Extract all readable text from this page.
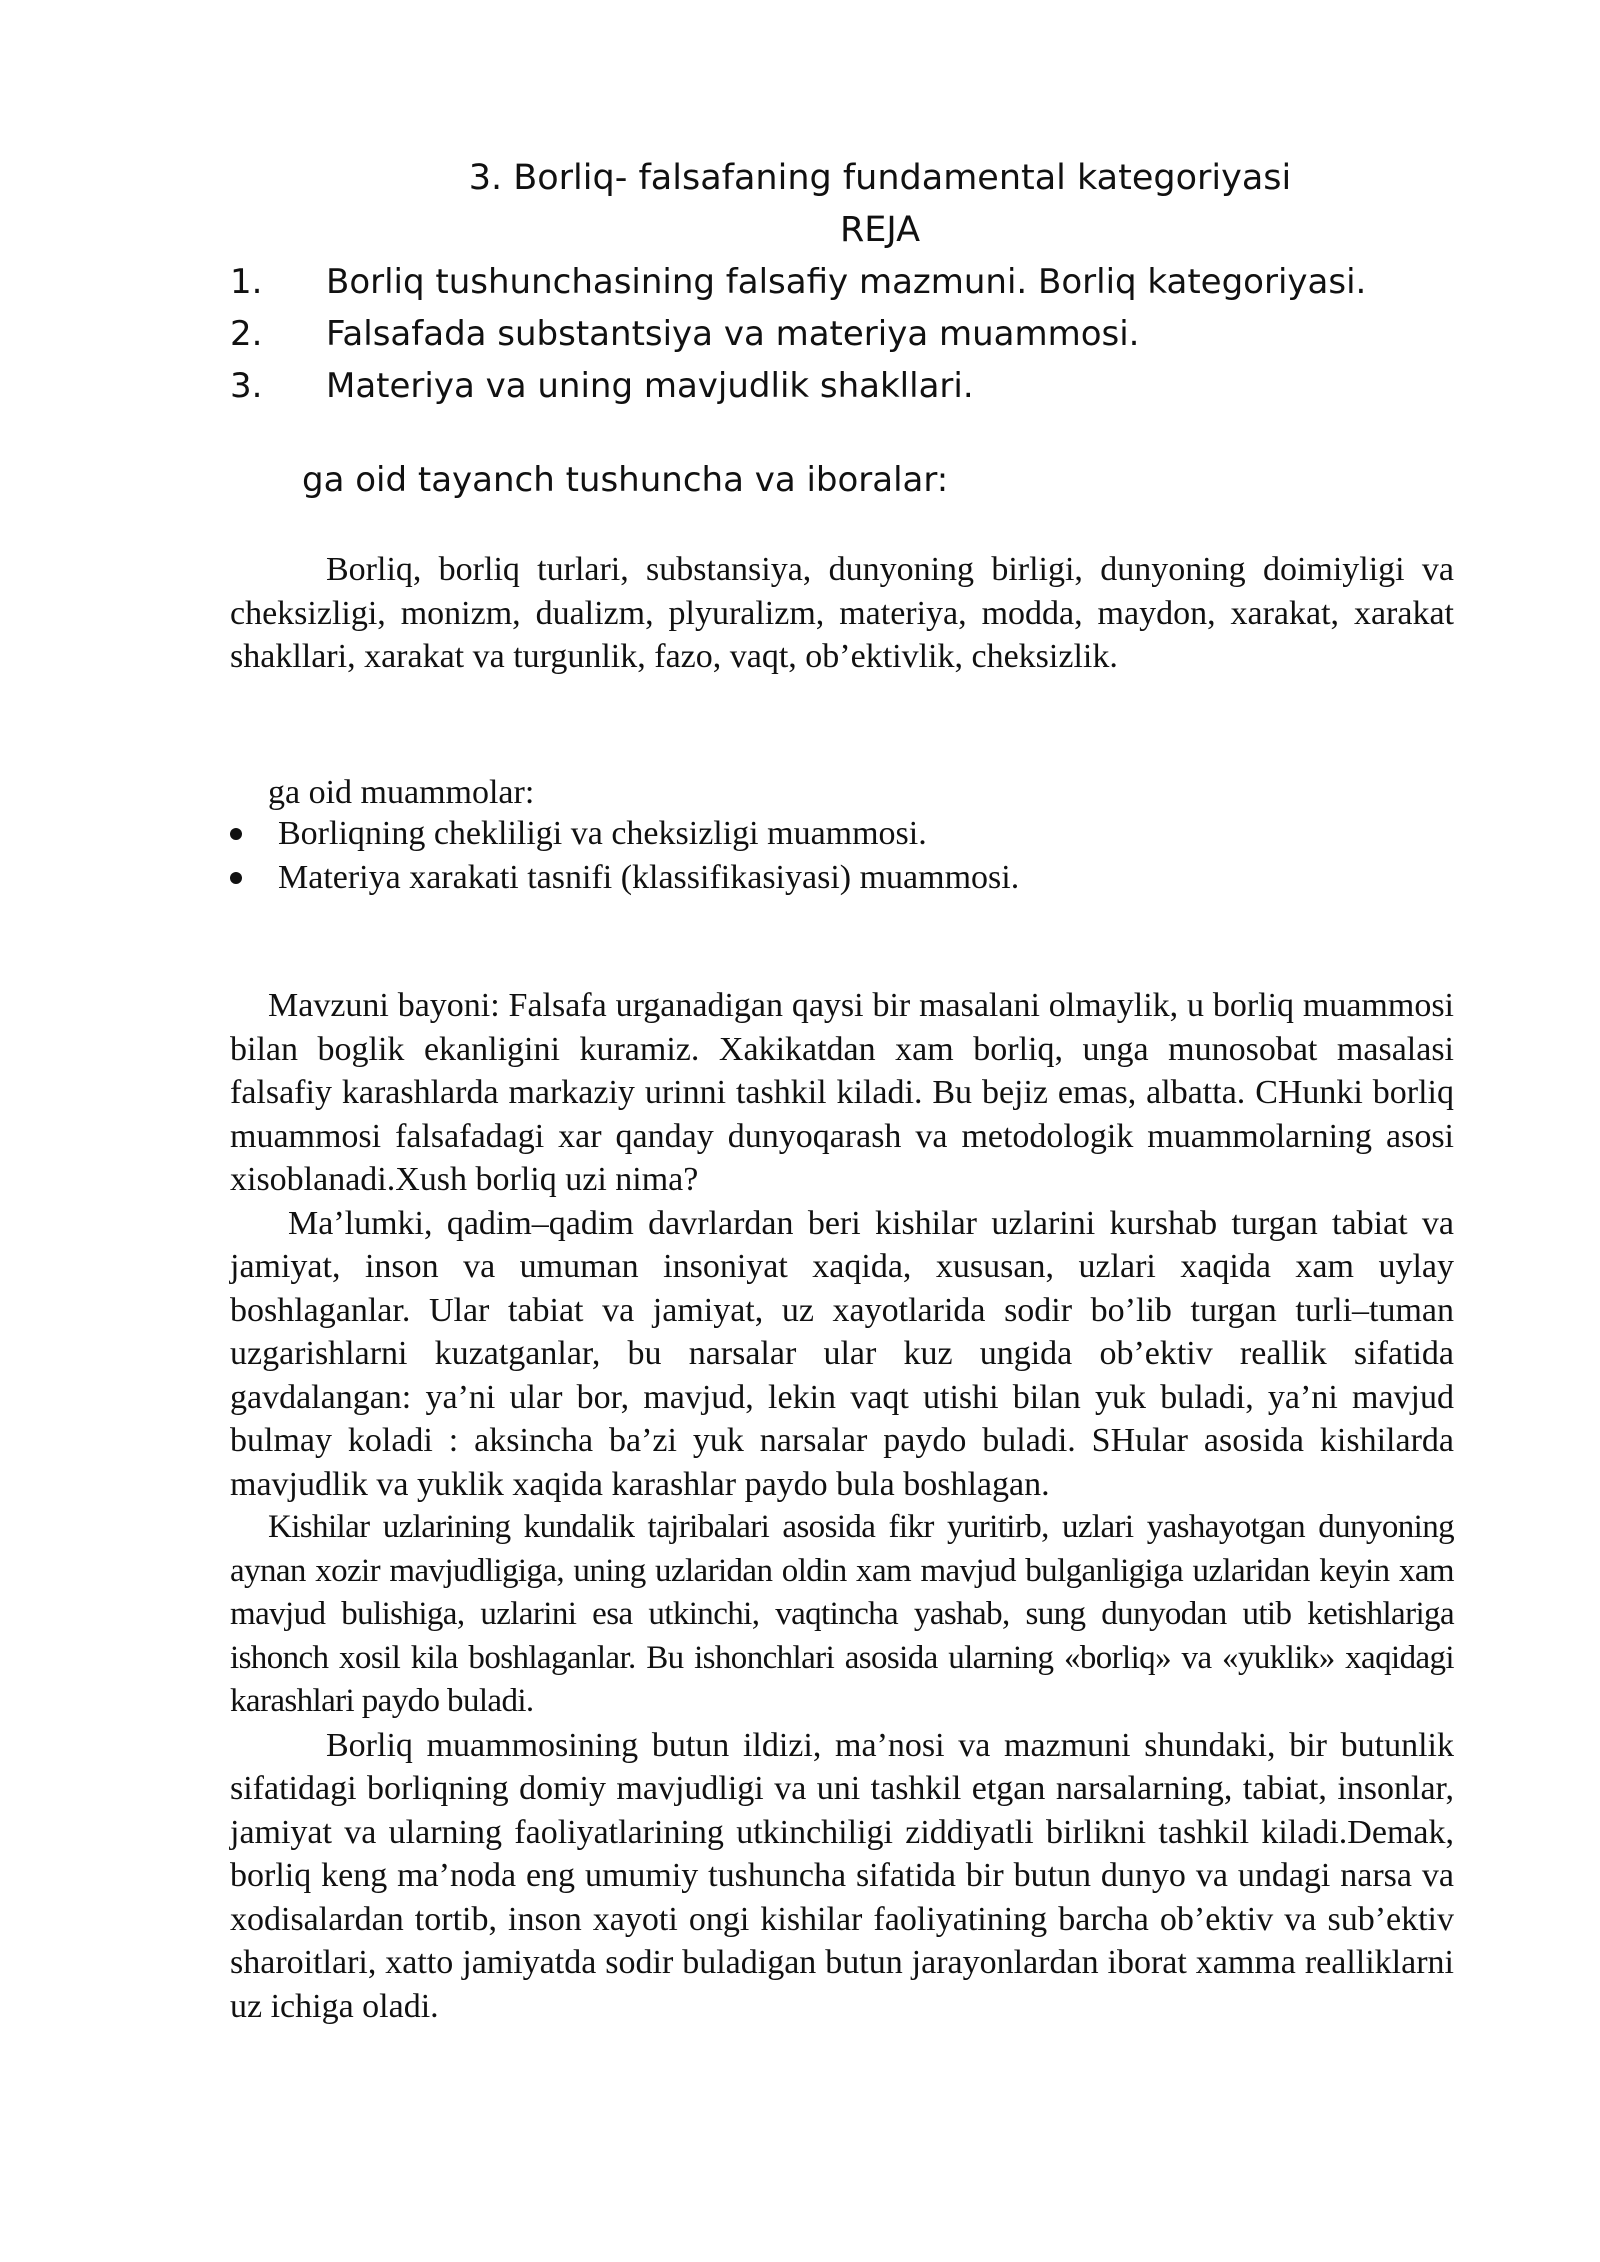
3. Borliq- falsafaning fundamental kategoriyasi
REJA
1. Borliq tushunchasining falsafiy mazmuni. Borliq kategoriyasi.
2. Falsafada substantsiya va materiya muammosi.
3. Materiya va uning mavjudlik shakllari.
ga oid tayanch tushuncha va iboralar:

Borliq, borliq turlari, substansiya, dunyoning birligi, dunyoning doimiyligi va cheksizligi, monizm, dualizm, plyuralizm, materiya, modda, maydon, xarakat, xarakat shakllari, xarakat va turgunlik, fazo, vaqt, ob’ektivlik, cheksizlik.

ga oid muammolar:
Borliqning chekliligi va cheksizligi muammosi.
Materiya xarakati tasnifi (klassifikasiyasi) muammosi.

Mavzuni bayoni: Falsafa urganadigan qaysi bir masalani olmaylik, u borliq muammosi bilan boglik ekanligini kuramiz. Xakikatdan xam borliq, unga munosobat masalasi falsafiy karashlarda markaziy urinni tashkil kiladi. Bu bejiz emas, albatta. CHunki borliq muammosi falsafadagi xar qanday dunyoqarash va metodologik muammolarning asosi xisoblanadi.Xush borliq uzi nima?

Ma’lumki, qadim–qadim davrlardan beri kishilar uzlarini kurshab turgan tabiat va jamiyat, inson va umuman insoniyat xaqida, xususan, uzlari xaqida xam uylay boshlaganlar. Ular tabiat va jamiyat, uz xayotlarida sodir bo’lib turgan turli–tuman uzgarishlarni kuzatganlar, bu narsalar ular kuz ungida ob’ektiv reallik sifatida gavdalangan: ya’ni ular bor, mavjud, lekin vaqt utishi bilan yuk buladi, ya’ni mavjud bulmay koladi : aksincha ba’zi yuk narsalar paydo buladi. SHular asosida kishilarda mavjudlik va yuklik xaqida karashlar paydo bula boshlagan.

Kishilar uzlarining kundalik tajribalari asosida fikr yuritirb, uzlari yashayotgan dunyoning aynan xozir mavjudligiga, uning uzlaridan oldin xam mavjud bulganligiga uzlaridan keyin xam mavjud bulishiga, uzlarini esa utkinchi, vaqtincha yashab, sung dunyodan utib ketishlariga ishonch xosil kila boshlaganlar. Bu ishonchlari asosida ularning «borliq» va «yuklik» xaqidagi karashlari paydo buladi.

Borliq muammosining butun ildizi, ma’nosi va mazmuni shundaki, bir butunlik sifatidagi borliqning domiy mavjudligi va uni tashkil etgan narsalarning, tabiat, insonlar, jamiyat va ularning faoliyatlarining utkinchiligi ziddiyatli birlikni tashkil kiladi.Demak, borliq keng ma’noda eng umumiy tushuncha sifatida bir butun dunyo va undagi narsa va xodisalardan tortib, inson xayoti ongi kishilar faoliyatining barcha ob’ektiv va sub’ektiv sharoitlari, xatto jamiyatda sodir buladigan butun jarayonlardan iborat xamma realliklarni uz ichiga oladi.
